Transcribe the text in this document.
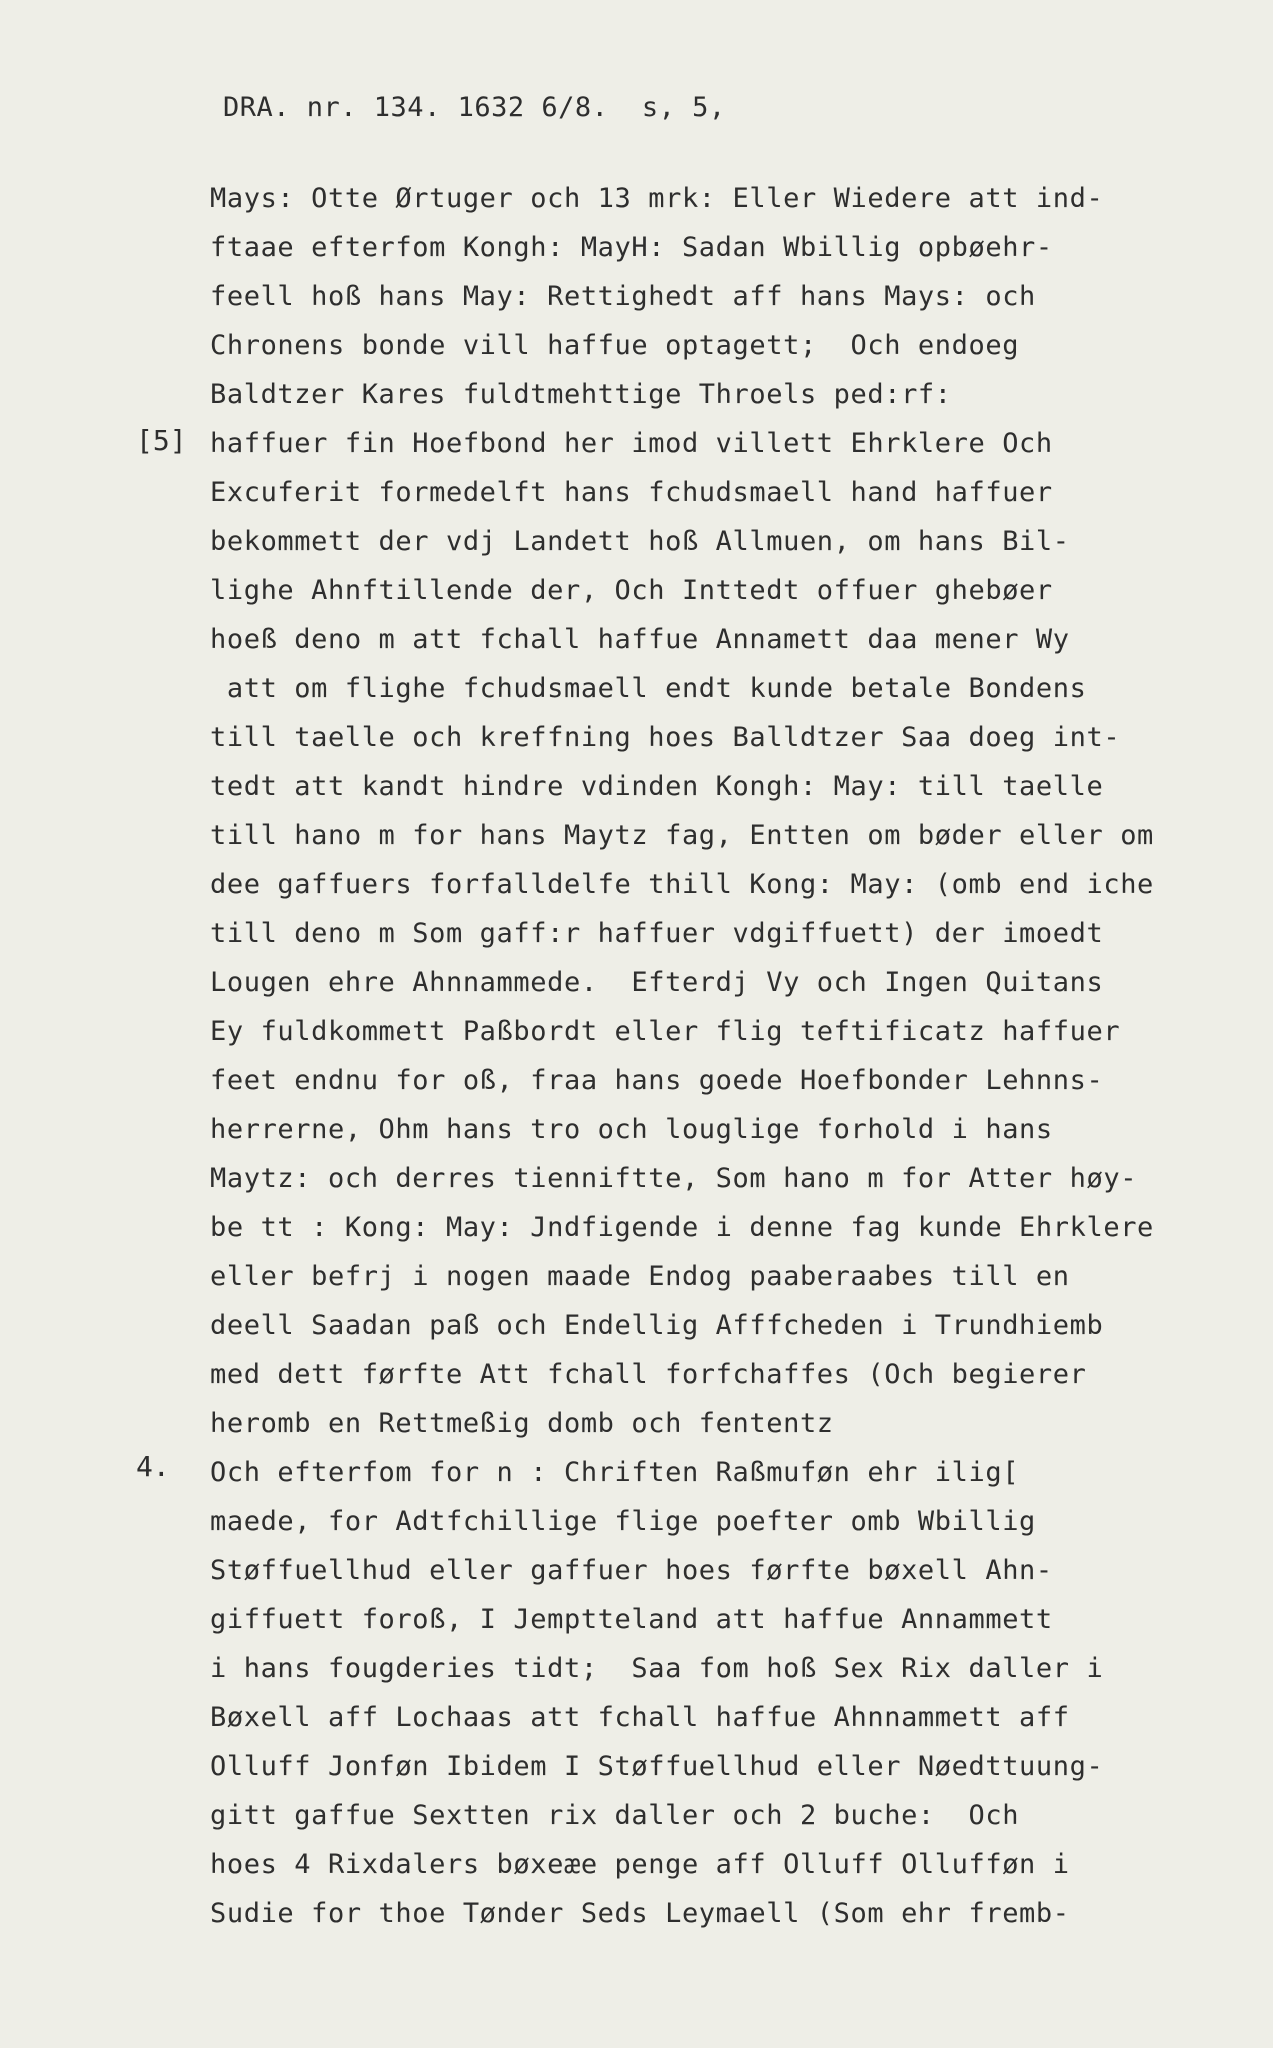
DRA. nr. 134. 1632 6/8.  s, 5,
[5]
4.
Mays: Otte Ørtuger och 13 mrk: Eller Wiedere att ind-
ftaae efterfom Kongh: MayH: Sadan Wbillig opbøehr-
feell hoß hans May: Rettighedt aff hans Mays: och
Chronens bonde vill haffue optagett;  Och endoeg
Baldtzer Kares fuldtmehttige Throels ped:rf:
haffuer fin Hoefbond her imod villett Ehrklere Och
Excuferit formedelft hans fchudsmaell hand haffuer
bekommett der vdj Landett hoß Allmuen, om hans Bil-
lighe Ahnftillende der, Och Inttedt offuer ghebøer
hoeß deno m att fchall haffue Annamett daa mener Wy
att om flighe fchudsmaell endt kunde betale Bondens
till taelle och kreffning hoes Balldtzer Saa doeg int-
tedt att kandt hindre vdinden Kongh: May: till taelle
till hano m for hans Maytz fag, Entten om bøder eller om
dee gaffuers forfalldelfe thill Kong: May: (omb end iche
till deno m Som gaff:r haffuer vdgiffuett) der imoedt
Lougen ehre Ahnnammede.  Efterdj Vy och Ingen Quitans
Ey fuldkommett Paßbordt eller flig teftificatz haffuer
feet endnu for oß, fraa hans goede Hoefbonder Lehnns-
herrerne, Ohm hans tro och louglige forhold i hans
Maytz: och derres tienniftte, Som hano m for Atter høy-
be tt : Kong: May: Jndfigende i denne fag kunde Ehrklere
eller befrj i nogen maade Endog paaberaabes till en
deell Saadan paß och Endellig Afffcheden i Trundhiemb
med dett førfte Att fchall forfchaffes (Och begierer
heromb en Rettmeßig domb och fententz
Och efterfom for n : Chriften Raßmuføn ehr ilig[
maede, for Adtfchillige flige poefter omb Wbillig
Støffuellhud eller gaffuer hoes førfte bøxell Ahn-
giffuett foroß, I Jemptteland att haffue Annammett
i hans fougderies tidt;  Saa fom hoß Sex Rix daller i
Bøxell aff Lochaas att fchall haffue Ahnnammett aff
Olluff Jonføn Ibidem I Støffuellhud eller Nøedttuung-
gitt gaffue Sextten rix daller och 2 buche:  Och
hoes 4 Rixdalers bøxeæe penge aff Olluff Ollufføn i
Sudie for thoe Tønder Seds Leymaell (Som ehr fremb-
